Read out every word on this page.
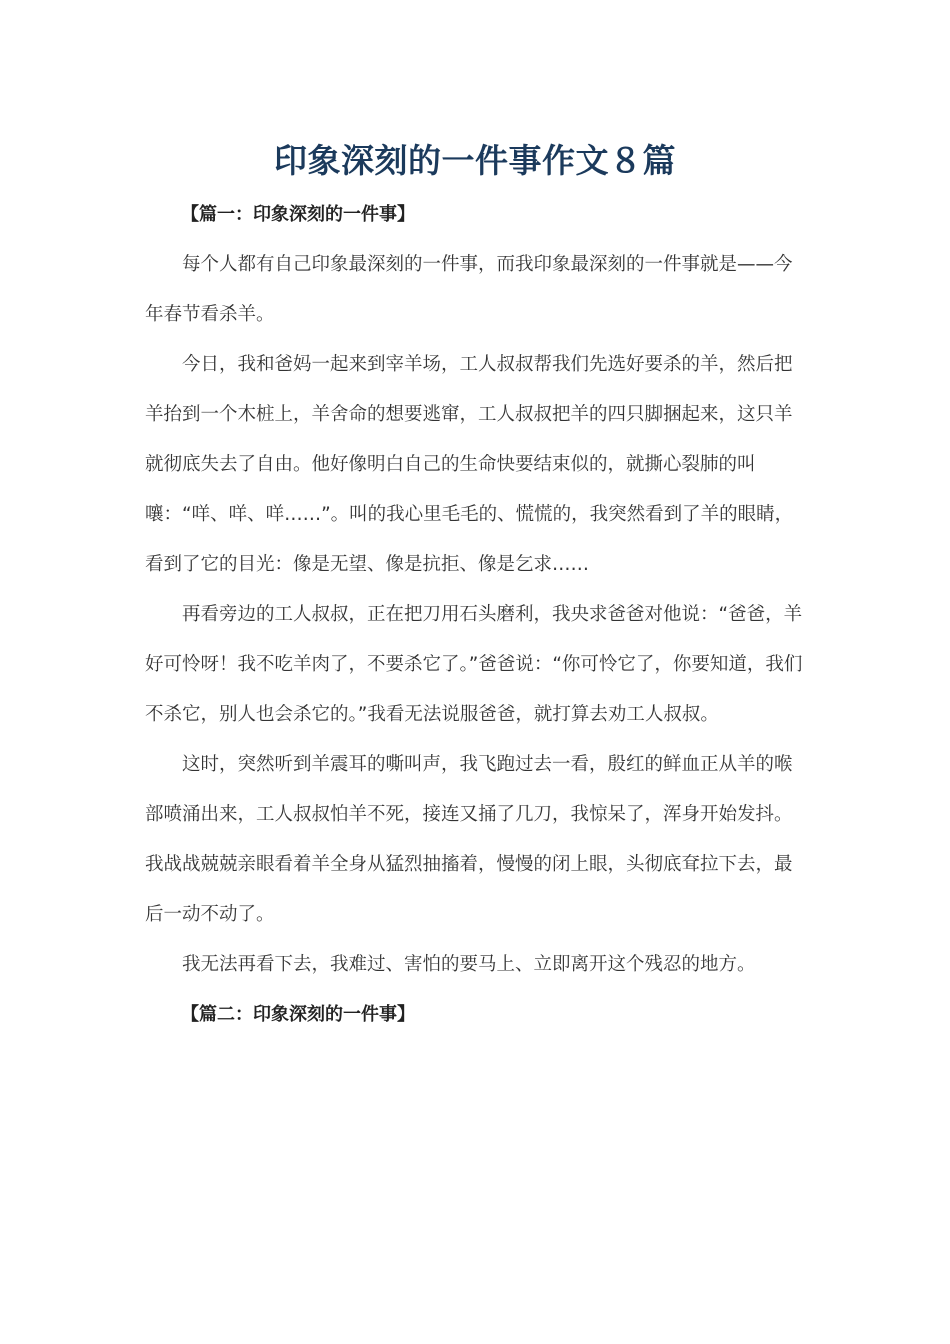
印象深刻的一件事作文８篇

【篇一：印象深刻的一件事】

每个人都有自己印象最深刻的一件事，而我印象最深刻的一件事就是——今年春节看杀羊。

今日，我和爸妈一起来到宰羊场，工人叔叔帮我们先选好要杀的羊，然后把羊抬到一个木桩上，羊舍命的想要逃窜，工人叔叔把羊的四只脚捆起来，这只羊就彻底失去了自由。他好像明白自己的生命快要结束似的，就撕心裂肺的叫嚷：“咩、咩、咩……”。叫的我心里毛毛的、慌慌的，我突然看到了羊的眼睛，看到了它的目光：像是无望、像是抗拒、像是乞求……

再看旁边的工人叔叔，正在把刀用石头磨利，我央求爸爸对他说：“爸爸，羊好可怜呀！我不吃羊肉了，不要杀它了。”爸爸说：“你可怜它了，你要知道，我们不杀它，别人也会杀它的。”我看无法说服爸爸，就打算去劝工人叔叔。

这时，突然听到羊震耳的嘶叫声，我飞跑过去一看，殷红的鲜血正从羊的喉部喷涌出来，工人叔叔怕羊不死，接连又捅了几刀，我惊呆了，浑身开始发抖。我战战兢兢亲眼看着羊全身从猛烈抽搐着，慢慢的闭上眼，头彻底耷拉下去，最后一动不动了。

我无法再看下去，我难过、害怕的要马上、立即离开这个残忍的地方。

【篇二：印象深刻的一件事】
